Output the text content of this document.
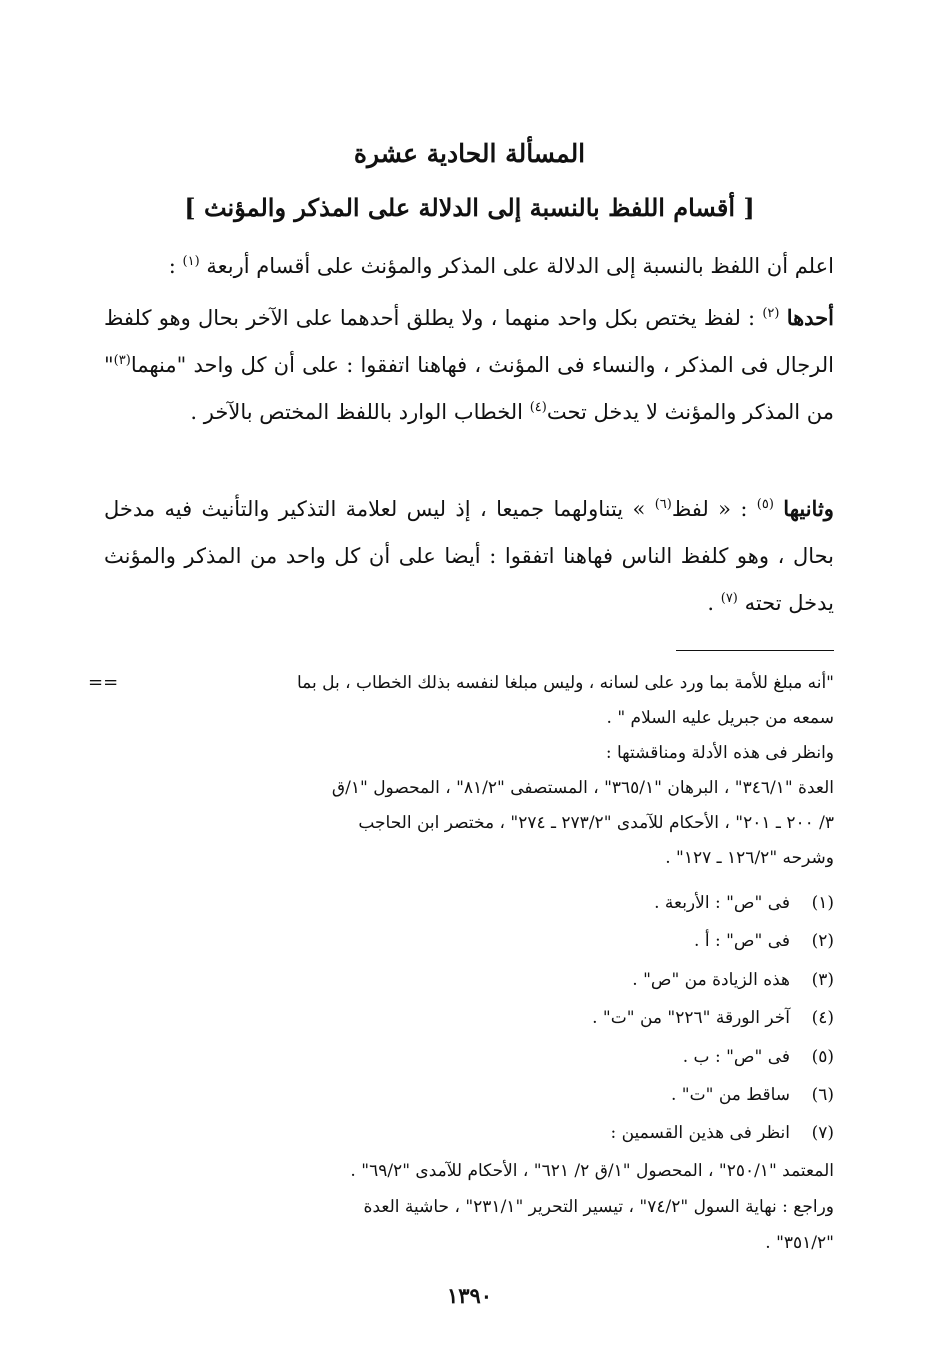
المسألة الحادية عشرة
[ أقسام اللفظ بالنسبة إلى الدلالة على المذكر والمؤنث ]
اعلم أن اللفظ بالنسبة إلى الدلالة على المذكر والمؤنث على أقسام أربعة $^{(١)}$ :
أحدها $^{(٢)}$ : لفظ يختص بكل واحد منهما ، ولا يطلق أحدهما على الآخر بحال وهو كلفظ الرجال فى المذكر ، والنساء فى المؤنث ، فهاهنا اتفقوا : على أن كل واحد "منهما$^{(٣)}$" من المذكر والمؤنث لا يدخل تحت$^{(٤)}$ الخطاب الوارد باللفظ المختص بالآخر .
وثانيها $^{(٥)}$ : « لفظ$^{(٦)}$ » يتناولهما جميعا ، إذ ليس لعلامة التذكير والتأنيث فيه مدخل بحال ، وهو كلفظ الناس فهاهنا اتفقوا : أيضا على أن كل واحد من المذكر والمؤنث يدخل تحته $^{(٧)}$ .
==	"أنه مبلغ للأمة بما ورد على لسانه ، وليس مبلغا لنفسه بذلك الخطاب ، بل بما
سمعه من جبريل عليه السلام " .
وانظر فى هذه الأدلة ومناقشتها :
العدة "٣٤٦/١" ، البرهان "٣٦٥/١" ، المستصفى "٨١/٢" ، المحصول "١/ق
٣/ ٢٠٠ ـ ٢٠١" ، الأحكام للآمدى "٢٧٣/٢ ـ ٢٧٤" ، مختصر ابن الحاجب
وشرحه "١٢٦/٢ ـ ١٢٧" .
(١)
فى "ص" : الأربعة .
(٢)
فى "ص" : أ .
(٣)
هذه الزيادة من "ص" .
(٤)
آخر الورقة "٢٢٦" من "ت" .
(٥)
فى "ص" : ب .
(٦)
ساقط من "ت" .
(٧)
انظر فى هذين القسمين :
المعتمد "٢٥٠/١" ، المحصول "١/ق ٢/ ٦٢١" ، الأحكام للآمدى "٦٩/٢" .
وراجع : نهاية السول "٧٤/٢" ، تيسير التحرير "٢٣١/١" ، حاشية العدة
"٣٥١/٢" .
١٣٩٠
